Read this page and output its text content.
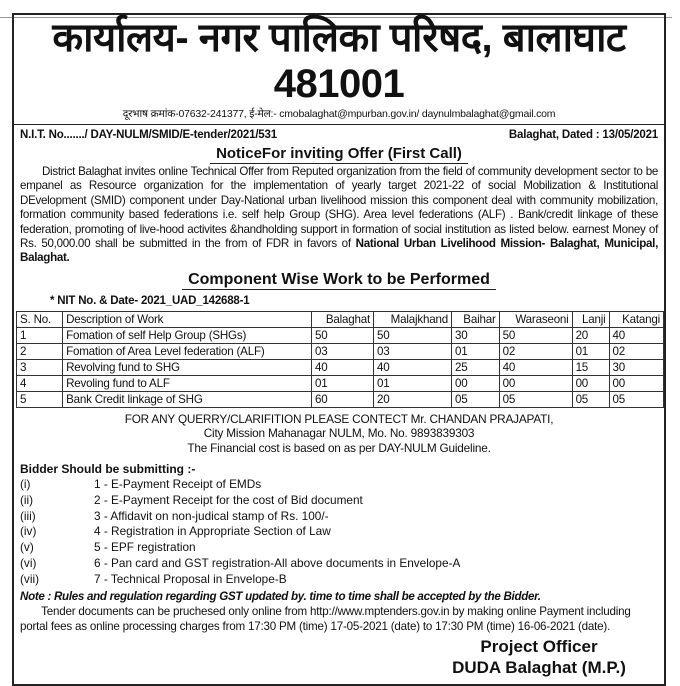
कार्यालय- नगर पालिका परिषद, बालाघाट 481001
दूरभाष क्रमांक-07632-241377, ई-मेल:- cmobalaghat@mpurban.gov.in/ daynulmbalaghat@gmail.com
N.I.T. No......./ DAY-NULM/SMID/E-tender/2021/531	Balaghat, Dated : 13/05/2021
NoticeFor inviting Offer (First Call)
District Balaghat invites online Technical Offer from Reputed organization from the field of community development sector to be empanel as Resource organization for the implementation of yearly target 2021-22 of social Mobilization & Institutional DEvelopment (SMID) component under Day-National urban livelihood mission this component deal with community mobilization, formation community based federations i.e. self help Group (SHG). Area level federations (ALF) . Bank/credit linkage of these federation, promoting of live-hood activites &handholding support in formation of social institution as listed below. earnest Money of Rs. 50,000.00 shall be submitted in the from of FDR in favors of National Urban Livelihood Mission- Balaghat, Municipal, Balaghat.
Component Wise Work to be Performed
* NIT No. & Date- 2021_UAD_142688-1
S. No.	Description of Work	Balaghat	Malajkhand	Baihar	Waraseoni	Lanji	Katangi
1	Fomation of self Help Group (SHGs)	50	50	30	50	20	40
2	Fomation of Area Level federation (ALF)	03	03	01	02	01	02
3	Revolving fund to SHG	40	40	25	40	15	30
4	Revoling fund to ALF	01	01	00	00	00	00
5	Bank Credit linkage of SHG	60	20	05	05	05	05
FOR ANY QUERRY/CLARIFITION PLEASE CONTECT Mr. CHANDAN PRAJAPATI,
City Mission Mahanagar NULM, Mo. No. 9893839303
The Financial cost is based on as per DAY-NULM Guideline.
Bidder Should be submitting :-
(i)	1 - E-Payment Receipt of EMDs
(ii)	2 - E-Payment Receipt for the cost of Bid document
(iii)	3 - Affidavit on non-judical stamp of Rs. 100/-
(iv)	4 - Registration in Appropriate Section of Law
(v)	5 - EPF registration
(vi)	6 - Pan card and GST registration-All above documents in Envelope-A
(vii)	7 - Technical Proposal in Envelope-B
Note : Rules and regulation regarding GST updated by. time to time shall be accepted by the Bidder.
Tender documents can be pruchesed only online from http://www.mptenders.gov.in by making online Payment including portal fees as online processing charges from 17:30 PM (time) 17-05-2021 (date) to 17:30 PM (time) 16-06-2021 (date).
Project Officer
DUDA Balaghat (M.P.)
